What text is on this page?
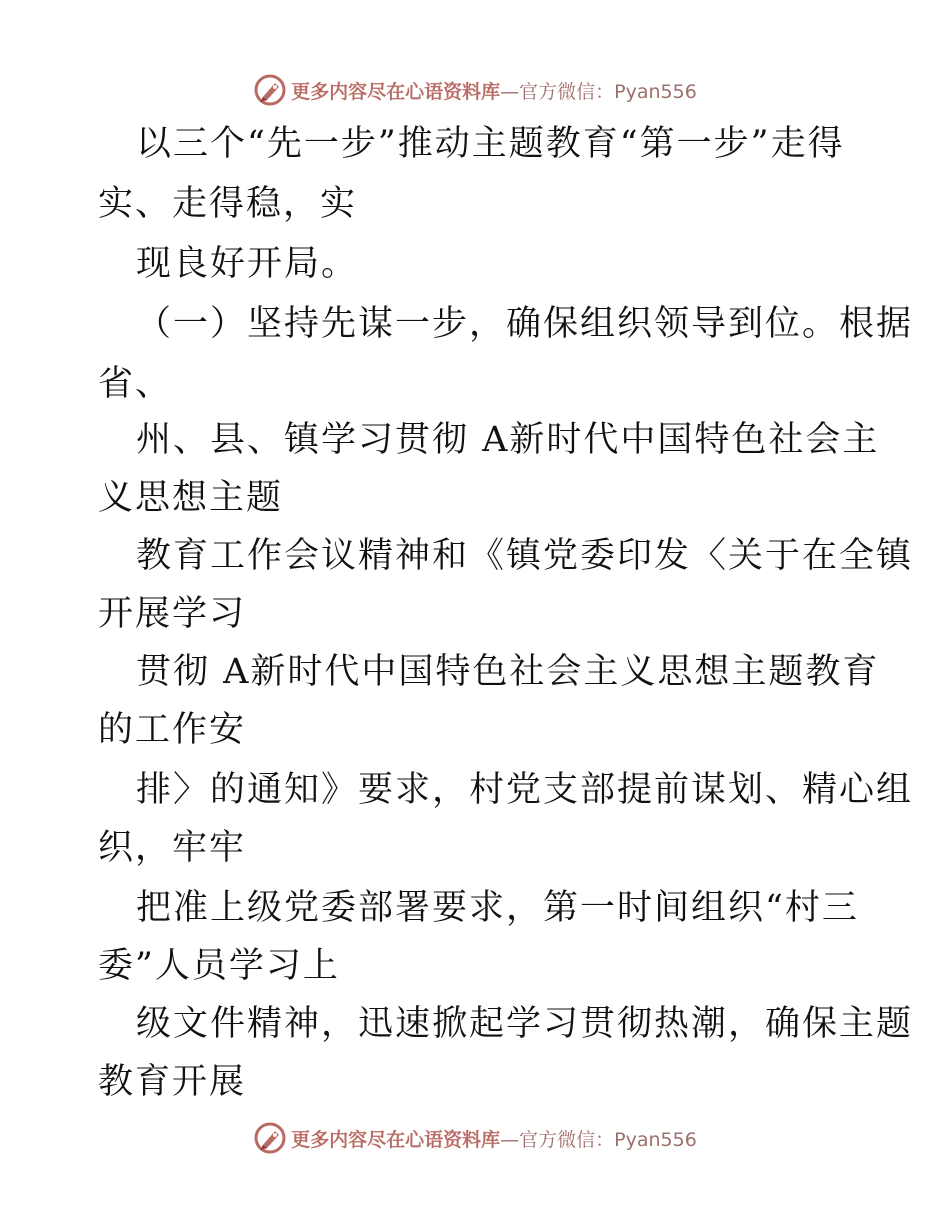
更多内容尽在心语资料库 —官方微信：Pyan556
以三个“先一步”推动主题教育“第一步”走得
实、走得稳，实
现良好开局。
（一）坚持先谋一步，确保组织领导到位。根据
省、
州、县、镇学习贯彻 A新时代中国特色社会主
义思想主题
教育工作会议精神和《镇党委印发〈关于在全镇
开展学习
贯彻 A新时代中国特色社会主义思想主题教育
的工作安
排〉的通知》要求，村党支部提前谋划、精心组
织，牢牢
把准上级党委部署要求，第一时间组织“村三
委”人员学习上
级文件精神，迅速掀起学习贯彻热潮，确保主题
教育开展
更多内容尽在心语资料库 —官方微信：Pyan556
